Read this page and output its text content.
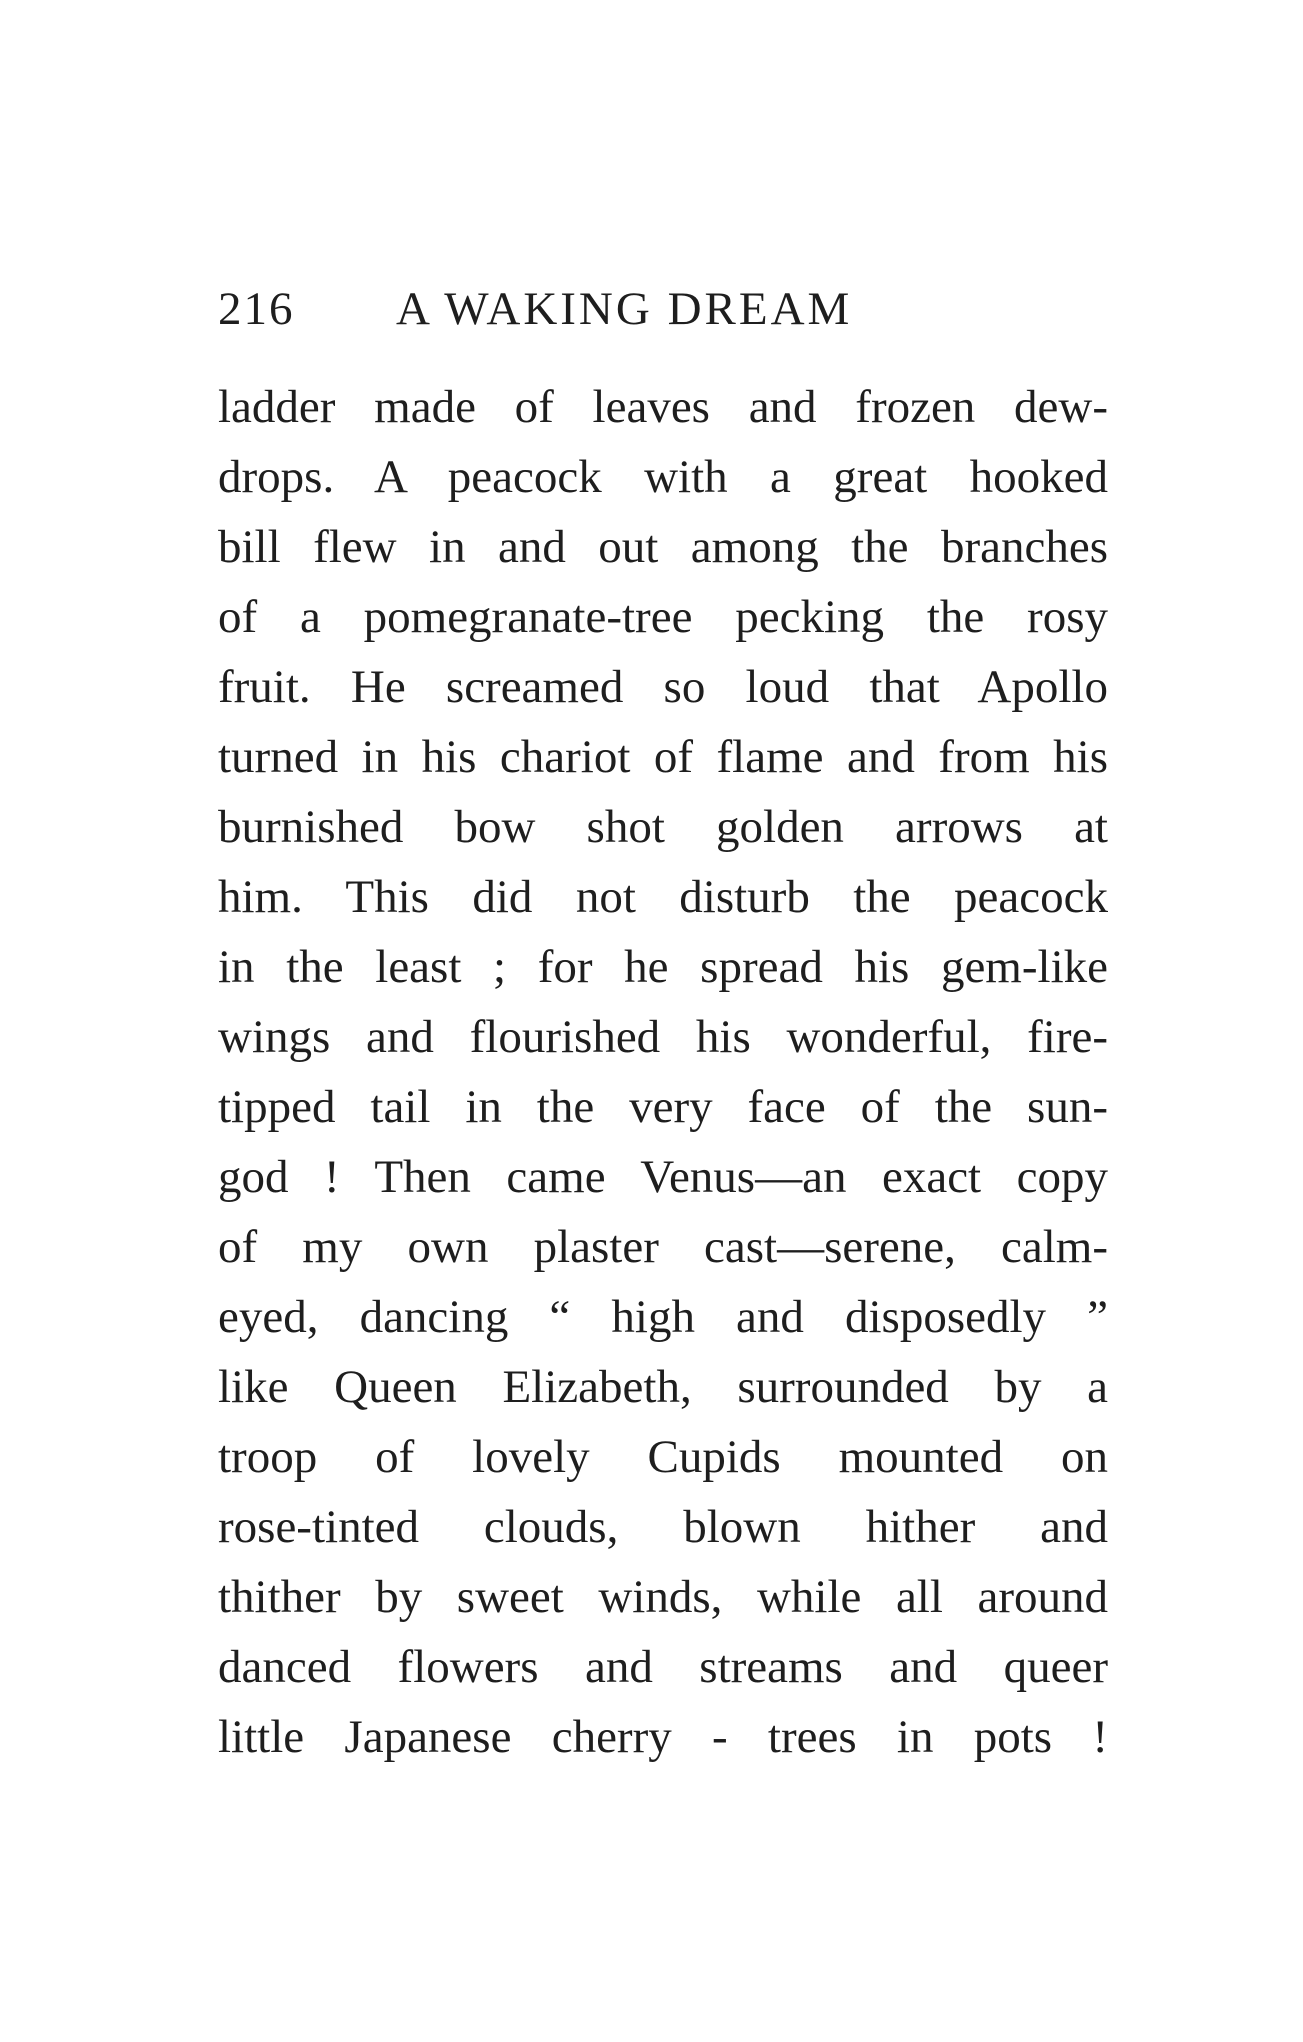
216 A WAKING DREAM
ladder made of leaves and frozen dew-
drops. A peacock with a great hooked
bill flew in and out among the branches
of a pomegranate-tree pecking the rosy
fruit. He screamed so loud that Apollo
turned in his chariot of flame and from his
burnished bow shot golden arrows at
him. This did not disturb the peacock
in the least ; for he spread his gem-like
wings and flourished his wonderful, fire-
tipped tail in the very face of the sun-
god ! Then came Venus—an exact copy
of my own plaster cast—serene, calm-
eyed, dancing “ high and disposedly ”
like Queen Elizabeth, surrounded by a
troop of lovely Cupids mounted on
rose-tinted clouds, blown hither and
thither by sweet winds, while all around
danced flowers and streams and queer
little Japanese cherry - trees in pots !
